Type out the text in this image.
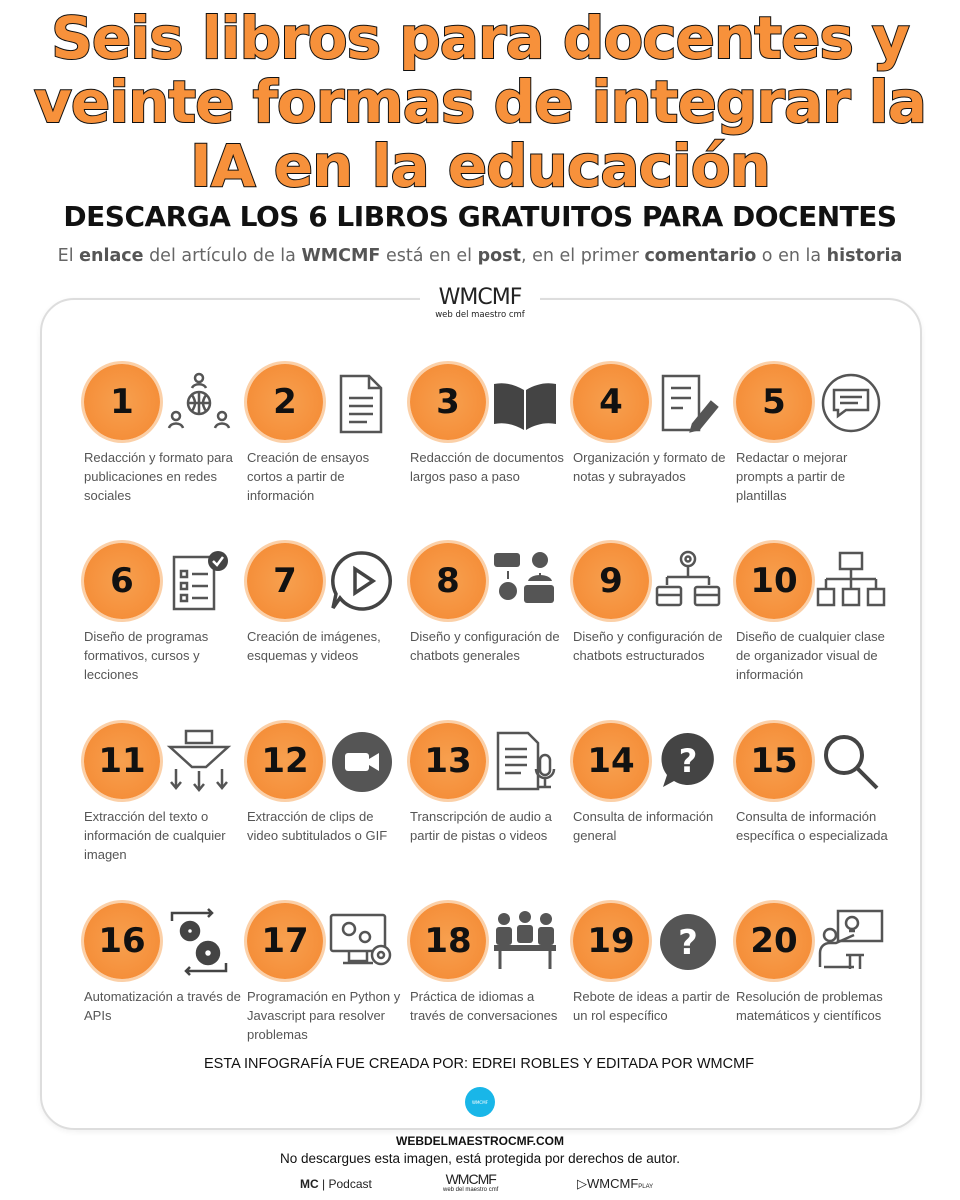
Seis libros para docentes y
veinte formas de integrar la
IA en la educación
DESCARGA LOS 6 LIBROS GRATUITOS PARA DOCENTES
El enlace del artículo de la WMCMF está en el post, en el primer comentario o en la historia
WMCMF
web del maestro cmf
1
Redacción y formato para publicaciones en redes sociales
2
Creación de ensayos cortos a partir de información
3
Redacción de documentos largos paso a paso
4
Organización y formato de notas y subrayados
5
Redactar o mejorar prompts a partir de plantillas
6
Diseño de programas formativos, cursos y lecciones
7
Creación de imágenes, esquemas y videos
8
Diseño y configuración de chatbots generales
9
Diseño y configuración de chatbots estructurados
10
Diseño de cualquier clase de organizador visual de información
11
Extracción del texto o información de cualquier imagen
12
Extracción de clips de video subtitulados o GIF
13
Transcripción de audio a partir de pistas o videos
14	?
Consulta de información general
15
Consulta de información específica o especializada
16
Automatización a través de APIs
17
Programación en Python y Javascript para resolver problemas
18
Práctica de idiomas a través de conversaciones
19	?
Rebote de ideas a partir de un rol específico
20
Resolución de problemas matemáticos y científicos
ESTA INFOGRAFÍA FUE CREADA POR: EDREI ROBLES Y EDITADA POR WMCMF
WMCMF
WEBDELMAESTROCMF.COM
No descargues esta imagen, está protegida por derechos de autor.
MC | Podcast	WMCMF
web del maestro cmf	▷WMCMFPLAY
